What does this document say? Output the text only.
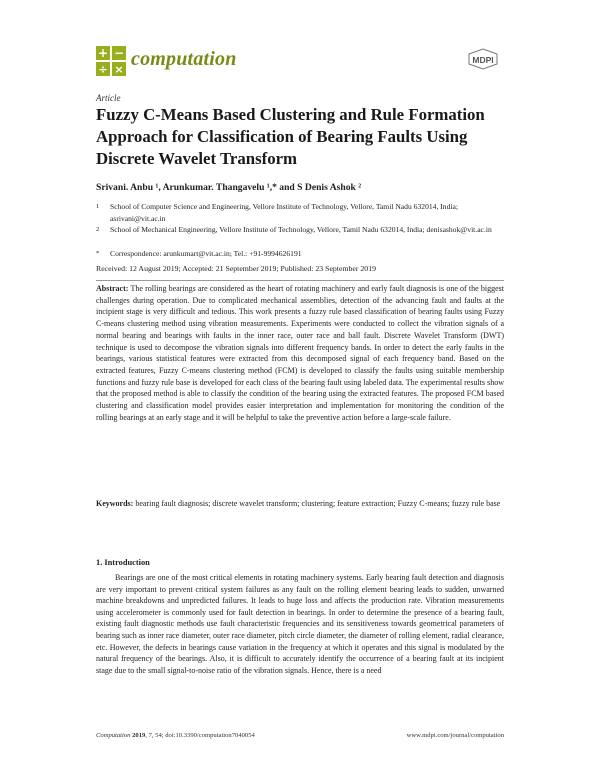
+ −
÷ × computation	MDPI
Article
Fuzzy C-Means Based Clustering and Rule Formation Approach for Classification of Bearing Faults Using Discrete Wavelet Transform
Srivani. Anbu ¹, Arunkumar. Thangavelu ¹,* and S Denis Ashok ²
1 School of Computer Science and Engineering, Vellore Institute of Technology, Vellore, Tamil Nadu 632014, India; asrivani@vit.ac.in
2 School of Mechanical Engineering, Vellore Institute of Technology, Vellore, Tamil Nadu 632014, India; denisashok@vit.ac.in
* Correspondence: arunkumart@vit.ac.in; Tel.: +91-9994626191
Received: 12 August 2019; Accepted: 21 September 2019; Published: 23 September 2019
Abstract: The rolling bearings are considered as the heart of rotating machinery and early fault diagnosis is one of the biggest challenges during operation. Due to complicated mechanical assemblies, detection of the advancing fault and faults at the incipient stage is very difficult and tedious. This work presents a fuzzy rule based classification of bearing faults using Fuzzy C-means clustering method using vibration measurements. Experiments were conducted to collect the vibration signals of a normal bearing and bearings with faults in the inner race, outer race and ball fault. Discrete Wavelet Transform (DWT) technique is used to decompose the vibration signals into different frequency bands. In order to detect the early faults in the bearings, various statistical features were extracted from this decomposed signal of each frequency band. Based on the extracted features, Fuzzy C-means clustering method (FCM) is developed to classify the faults using suitable membership functions and fuzzy rule base is developed for each class of the bearing fault using labeled data. The experimental results show that the proposed method is able to classify the condition of the bearing using the extracted features. The proposed FCM based clustering and classification model provides easier interpretation and implementation for monitoring the condition of the rolling bearings at an early stage and it will be helpful to take the preventive action before a large-scale failure.
Keywords: bearing fault diagnosis; discrete wavelet transform; clustering; feature extraction; Fuzzy C-means; fuzzy rule base
1. Introduction
Bearings are one of the most critical elements in rotating machinery systems. Early bearing fault detection and diagnosis are very important to prevent critical system failures as any fault on the rolling element bearing leads to sudden, unwarned machine breakdowns and unpredicted failures. It leads to huge loss and affects the production rate. Vibration measurements using accelerometer is commonly used for fault detection in bearings. In order to determine the presence of a bearing fault, existing fault diagnostic methods use fault characteristic frequencies and its sensitiveness towards geometrical parameters of bearing such as inner race diameter, outer race diameter, pitch circle diameter, the diameter of rolling element, radial clearance, etc. However, the defects in bearings cause variation in the frequency at which it operates and this signal is modulated by the natural frequency of the bearings. Also, it is difficult to accurately identify the occurrence of a bearing fault at its incipient stage due to the small signal-to-noise ratio of the vibration signals. Hence, there is a need
Computation 2019, 7, 54; doi:10.3390/computation7040054	www.mdpi.com/journal/computation
